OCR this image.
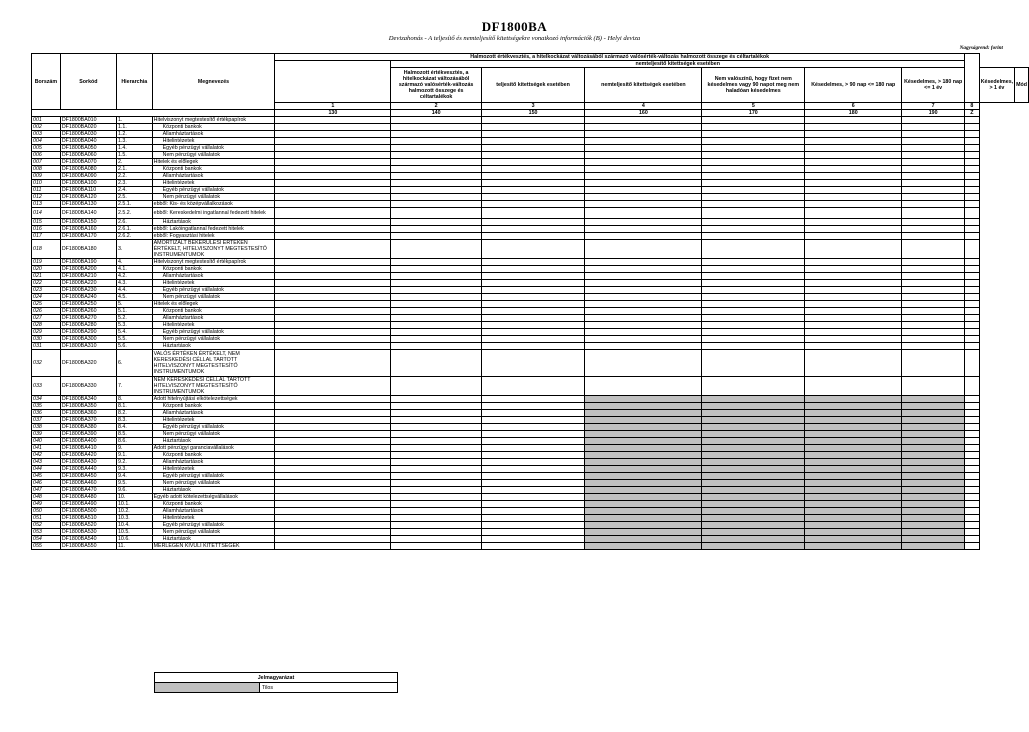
DF1800BA
Devizahonás - A teljesítő és nemteljesítő kitettségekre vonatkozó információk (B) - Helyi deviza
Nagyságrend: forint
Borszám	Sorkód	Hierarchia	Megnevezés	Halmozott értékvesztés, a hitelkockázat változásából származó valósérték-változás halmozott összege és céltartalékok									
					nemteljesítő kitettségek esetében								
					Halmozott értékvesztés, a hitelkockázat változásából származó valósérték-változás halmozott összege és céltartalékok	teljesítő kitettségek esetében	nemteljesítő kitettségek esetében	Nem valószínű, hogy fizet nem késedelmes vagy 90 napot meg nem haladóan késedelmes	Késedelmes, > 90 nap <= 180 nap	Késedelmes, > 180 nap <= 1 év		Késedelmes, > 1 év	Mód
				1	2	3	4	5	6	7	8		
				130	140	150	160	170	180	190	Z		
001	DF1800BA010	1.	Hitelviszonyt megtestesítő értékpapírok										
002	DF1800BA020	1.1.	Központi bankok										
003	DF1800BA030	1.2.	Államháztartások										
004	DF1800BA040	1.3.	Hitelintézetek										
005	DF1800BA050	1.4.	Egyéb pénzügyi vállalatok										
006	DF1800BA060	1.5.	Nem pénzügyi vállalatok										
007	DF1800BA070	2.	Hitelek és előlegek										
008	DF1800BA080	2.1.	Központi bankok										
009	DF1800BA090	2.2.	Államháztartások										
010	DF1800BA100	2.3.	Hitelintézetek										
011	DF1800BA110	2.4.	Egyéb pénzügyi vállalatok										
012	DF1800BA120	2.5.	Nem pénzügyi vállalatok										
013	DF1800BA130	2.5.1.	ebből: Kis- és középvállalkozások										
014	DF1800BA140	2.5.2.	ebből: Kereskedelmi ingatlannal fedezett hitelek										
015	DF1800BA150	2.6.	Háztartások										
016	DF1800BA160	2.6.1.	ebből: Lakóingatlannal fedezett hitelek										
017	DF1800BA170	2.6.2.	ebből: Fogyasztási hitelek										
018	DF1800BA180	3.	AMORTIZÁLT BEKERÜLÉSI ÉRTÉKEN ÉRTÉKELT, HITELVISZONYT MEGTESTESÍTŐ INSTRUMENTUMOK										
019	DF1800BA190	4.	Hitelviszonyt megtestesítő értékpapírok										
020	DF1800BA200	4.1.	Központi bankok										
021	DF1800BA210	4.2.	Államháztartások										
022	DF1800BA220	4.3.	Hitelintézetek										
023	DF1800BA230	4.4.	Egyéb pénzügyi vállalatok										
024	DF1800BA240	4.5.	Nem pénzügyi vállalatok										
025	DF1800BA250	5.	Hitelek és előlegek										
026	DF1800BA260	5.1.	Központi bankok										
027	DF1800BA270	5.2.	Államháztartások										
028	DF1800BA280	5.3.	Hitelintézetek										
029	DF1800BA290	5.4.	Egyéb pénzügyi vállalatok										
030	DF1800BA300	5.5.	Nem pénzügyi vállalatok										
031	DF1800BA310	5.6.	Háztartások										
032	DF1800BA320	6.	VALÓS ÉRTÉKEN ÉRTÉKELT, NEM KERESKEDÉSI CÉLLAL TARTOTT HITELVISZONYT MEGTESTESÍTŐ INSTRUMENTUMOK										
033	DF1800BA330	7.	NEM KERESKEDÉSI CÉLLAL TARTOTT HITELVISZONYT MEGTESTESÍTŐ INSTRUMENTUMOK										
034	DF1800BA340	8.	Adott hitelnyújtási elkötelezettségek										
035	DF1800BA350	8.1.	Központi bankok										
036	DF1800BA360	8.2.	Államháztartások										
037	DF1800BA370	8.3.	Hitelintézetek										
038	DF1800BA380	8.4.	Egyéb pénzügyi vállalatok										
039	DF1800BA390	8.5.	Nem pénzügyi vállalatok										
040	DF1800BA400	8.6.	Háztartások										
041	DF1800BA410	9.	Adott pénzügyi garanciavállalások										
042	DF1800BA420	9.1.	Központi bankok										
043	DF1800BA430	9.2.	Államháztartások										
044	DF1800BA440	9.3.	Hitelintézetek										
045	DF1800BA450	9.4.	Egyéb pénzügyi vállalatok										
046	DF1800BA460	9.5.	Nem pénzügyi vállalatok										
047	DF1800BA470	9.6.	Háztartások										
048	DF1800BA480	10.	Egyéb adott kötelezettségvállalások										
049	DF1800BA490	10.1.	Központi bankok										
050	DF1800BA500	10.2.	Államháztartások										
051	DF1800BA510	10.3.	Hitelintézetek										
052	DF1800BA520	10.4.	Egyéb pénzügyi vállalatok										
053	DF1800BA530	10.5.	Nem pénzügyi vállalatok										
054	DF1800BA540	10.6.	Háztartások										
055	DF1800BA550	11.	MÉRLEGEN KÍVÜLI KITETTSÉGEK										
Jelmagyarázat
	Tilos
